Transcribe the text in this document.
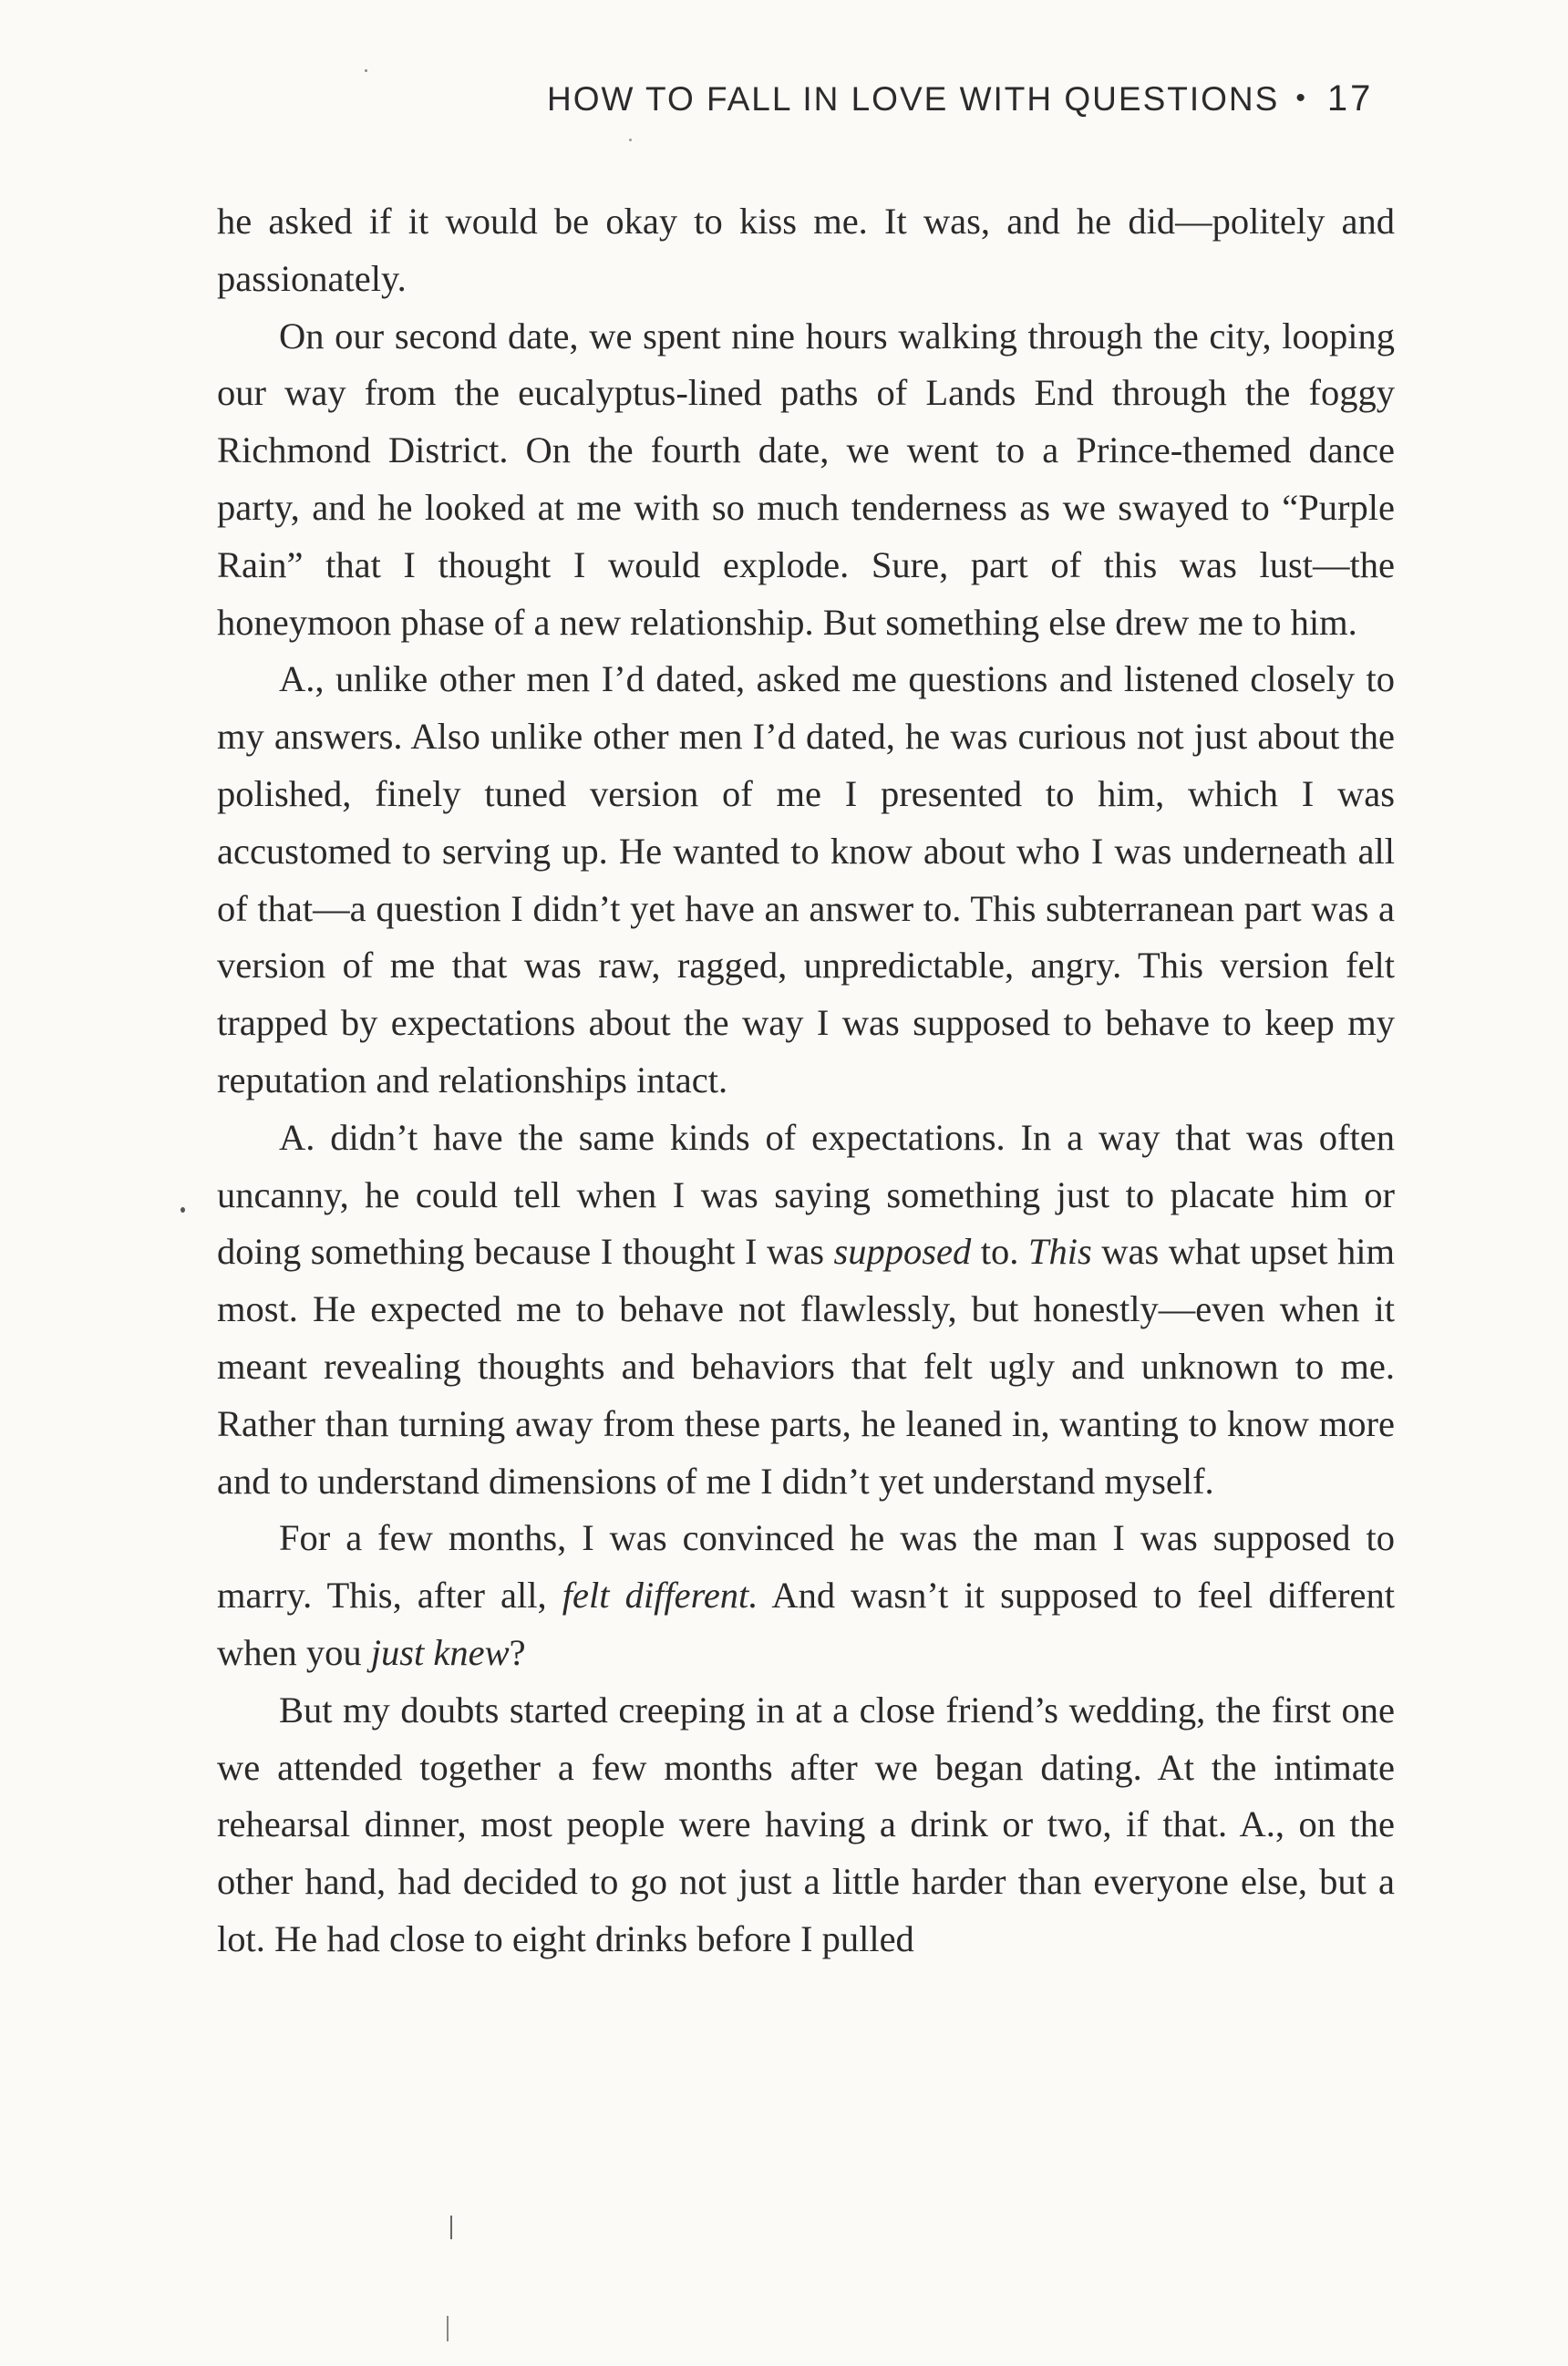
HOW TO FALL IN LOVE WITH QUESTIONS • 17

he asked if it would be okay to kiss me. It was, and he did—politely and passionately.

On our second date, we spent nine hours walking through the city, looping our way from the eucalyptus-lined paths of Lands End through the foggy Richmond District. On the fourth date, we went to a Prince-themed dance party, and he looked at me with so much tenderness as we swayed to “Purple Rain” that I thought I would explode. Sure, part of this was lust—the honeymoon phase of a new relationship. But something else drew me to him.

A., unlike other men I’d dated, asked me questions and listened closely to my answers. Also unlike other men I’d dated, he was curious not just about the polished, finely tuned version of me I presented to him, which I was accustomed to serving up. He wanted to know about who I was underneath all of that—a question I didn’t yet have an answer to. This subterranean part was a version of me that was raw, ragged, unpredictable, angry. This version felt trapped by expectations about the way I was supposed to behave to keep my reputation and relationships intact.

A. didn’t have the same kinds of expectations. In a way that was often uncanny, he could tell when I was saying something just to placate him or doing something because I thought I was supposed to. This was what upset him most. He expected me to behave not flawlessly, but honestly—even when it meant revealing thoughts and behaviors that felt ugly and unknown to me. Rather than turning away from these parts, he leaned in, wanting to know more and to understand dimensions of me I didn’t yet understand myself.

For a few months, I was convinced he was the man I was supposed to marry. This, after all, felt different. And wasn’t it supposed to feel different when you just knew?

But my doubts started creeping in at a close friend’s wedding, the first one we attended together a few months after we began dating. At the intimate rehearsal dinner, most people were having a drink or two, if that. A., on the other hand, had decided to go not just a little harder than everyone else, but a lot. He had close to eight drinks before I pulled
